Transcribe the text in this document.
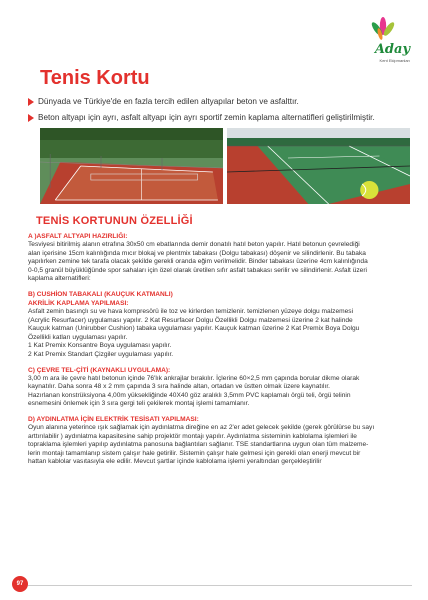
Aday
Kent Ekipmanları
Tenis Kortu
Dünyada ve Türkiye'de en fazla tercih edilen altyapılar beton ve asfalttır.
Beton altyapı için ayrı, asfalt altyapı için ayrı sportif zemin kaplama alternatifleri geliştirilmiştir.
TENİS KORTUNUN ÖZELLİĞİ
A )ASFALT ALTYAPI HAZIRLIĞI:
Tesviyesi bitirilmiş alanın etrafına 30x50 cm ebatlarında demir donatılı hatıl beton yapılır. Hatıl betonun çevrelediği
alan içerisine 15cm kalınlığında mıcır blokaj ve plentmix tabakası (Dolgu tabakası) döşenir ve silindirlenir. Bu tabaka
yapılırken zemine tek tarafa olacak şekilde gerekli oranda eğim verilmelidir. Binder tabakası üzerine 4cm kalınlığında
0-0,5 granül büyüklüğünde spor sahaları için özel olarak üretilen sıfır asfalt tabakası serilir ve silindirlenir. Asfalt üzeri
kaplama alternatifleri:
B) CUSHİON TABAKALI (KAUÇUK KATMANLI)
AKRİLİK KAPLAMA YAPILMASI:
Asfalt zemin basınçlı su ve hava kompresörü ile toz ve kirlerden temizlenir. temizlenen yüzeye dolgu malzemesi
(Acrylic Resurfacer) uygulaması yapılır. 2 Kat Resurfacer Dolgu Özellikli Dolgu malzemesi üzerine 2 kat halinde
Kauçuk katman (Unirubber Cushion) tabaka uygulaması yapılır. Kauçuk katman üzerine 2 Kat Premix Boya Dolgu
Özellikli katları uygulaması yapılır.
1 Kat Premix Konsantre Boya uygulaması yapılır.
2 Kat Premix Standart Çizgiler uygulaması yapılır.
C) ÇEVRE TEL-ÇİTİ (KAYNAKLI UYGULAMA):
3,00 m ara ile çevre hatıl betonun içinde 76'lık ankrajlar bırakılır. İçlerine 60×2,5 mm çapında borular dikme olarak
kaynatılır. Daha sonra 48 x 2 mm çapında 3 sıra halinde altan, ortadan ve üstten olmak üzere kaynatılır.
Hazırlanan konstrüksiyona 4,00m yüksekliğinde 40X40 göz aralıklı 3,5mm PVC kaplamalı örgü teli, örgü telinin
esnemesini önlemek için 3 sıra gergi teli çekilerek montaj işlemi tamamlanır.
D) AYDINLATMA İÇİN ELEKTRİK TESİSATI YAPILMASI:
Oyun alanına yeterince ışık sağlamak için aydınlatma direğine en az 2'er adet gelecek şekilde (gerek görülürse bu sayı
arttırılabilir ) aydınlatma kapasitesine sahip projektör montajı yapılır. Aydınlatma sisteminin kablolama işlemleri ile
topraklama işlemleri yapılıp aydınlatma panosuna bağlantıları sağlanır. TSE standartlarına uygun olan tüm malzeme-
lerin montajı tamamlanıp sistem çalışır hale getirilir. Sistemin çalışır hale gelmesi için gerekli olan enerji mevcut bir
hattan kablolar vasıtasıyla ele edilir. Mevcut şartlar içinde kablolama işlemi yeraltından gerçekleştirilir
97
